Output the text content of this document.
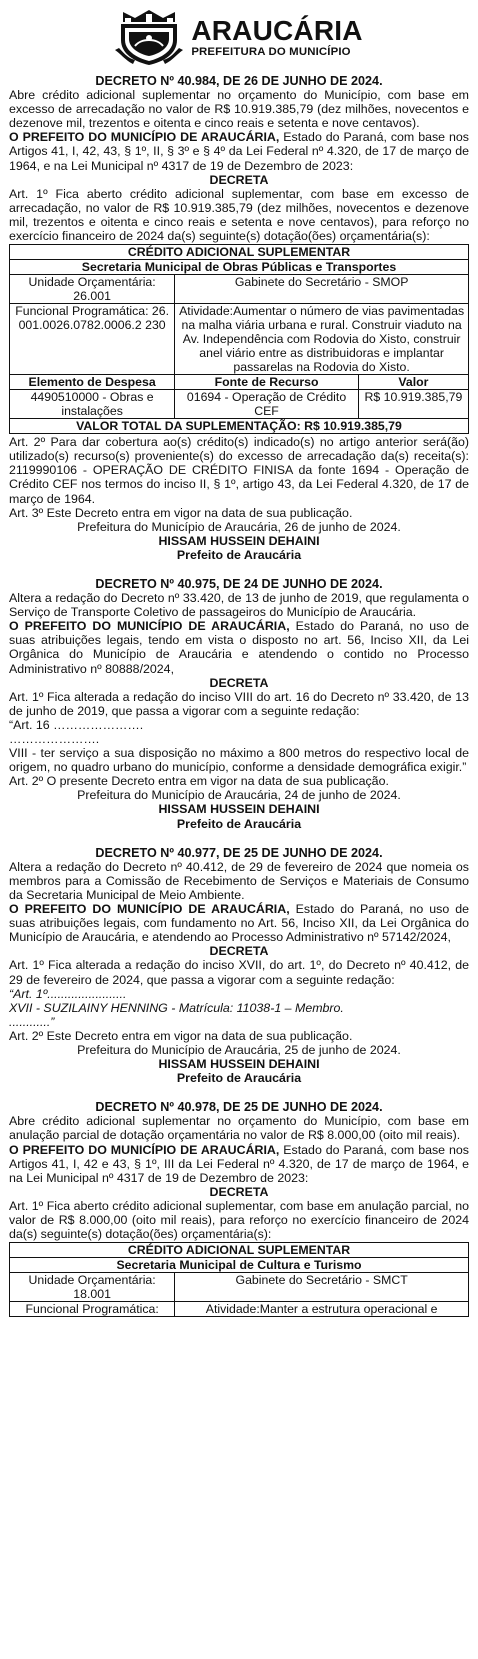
ARAUCÁRIA
PREFEITURA DO MUNICÍPIO
DECRETO Nº 40.984, DE 26 DE JUNHO DE 2024.

Abre crédito adicional suplementar no orçamento do Município, com base em excesso de arrecadação no valor de R$ 10.919.385,79 (dez milhões, novecentos e dezenove mil, trezentos e oitenta e cinco reais e setenta e nove centavos).

O PREFEITO DO MUNICÍPIO DE ARAUCÁRIA, Estado do Paraná, com base nos Artigos 41, I, 42, 43, § 1º, II, § 3º e § 4º da Lei Federal nº 4.320, de 17 de março de 1964, e na Lei Municipal nº 4317 de 19 de Dezembro de 2023:

DECRETA

Art. 1º Fica aberto crédito adicional suplementar, com base em excesso de arrecadação, no valor de R$ 10.919.385,79 (dez milhões, novecentos e dezenove mil, trezentos e oitenta e cinco reais e setenta e nove centavos), para reforço no exercício financeiro de 2024 da(s) seguinte(s) dotação(ões) orçamentária(s):

CRÉDITO ADICIONAL SUPLEMENTAR		
Secretaria Municipal de Obras Públicas e Transportes		
Unidade Orçamentária: 26.001	Gabinete do Secretário - SMOP	
Funcional Programática: 26.001.0026.0782.0006.2 230	Atividade:Aumentar o número de vias pavimentadas na malha viária urbana e rural. Construir viaduto na Av. Independência com Rodovia do Xisto, construir anel viário entre as distribuidoras e implantar passarelas na Rodovia do Xisto.	
Elemento de Despesa	Fonte de Recurso	Valor
4490510000 - Obras e instalações	01694 - Operação de Crédito CEF	R$ 10.919.385,79
VALOR TOTAL DA SUPLEMENTAÇÃO: R$ 10.919.385,79		

Art. 2º Para dar cobertura ao(s) crédito(s) indicado(s) no artigo anterior será(ão) utilizado(s) recurso(s) proveniente(s) do excesso de arrecadação da(s) receita(s): 2119990106 - OPERAÇÃO DE CRÉDITO FINISA da fonte 1694 - Operação de Crédito CEF nos termos do inciso II, § 1º, artigo 43, da Lei Federal 4.320, de 17 de março de 1964.

Art. 3º Este Decreto entra em vigor na data de sua publicação.

Prefeitura do Município de Araucária, 26 de junho de 2024.
HISSAM HUSSEIN DEHAINI
Prefeito de Araucária
DECRETO Nº 40.975, DE 24 DE JUNHO DE 2024.

Altera a redação do Decreto nº 33.420, de 13 de junho de 2019, que regulamenta o Serviço de Transporte Coletivo de passageiros do Município de Araucária.

O PREFEITO DO MUNICÍPIO DE ARAUCÁRIA, Estado do Paraná, no uso de suas atribuições legais, tendo em vista o disposto no art. 56, Inciso XII, da Lei Orgânica do Município de Araucária e atendendo o contido no Processo Administrativo nº 80888/2024,

DECRETA

Art. 1º Fica alterada a redação do inciso VIII do art. 16 do Decreto nº 33.420, de 13 de junho de 2019, que passa a vigorar com a seguinte redação:

“Art. 16 ………………….

………………….

VIII - ter serviço a sua disposição no máximo a 800 metros do respectivo local de origem, no quadro urbano do município, conforme a densidade demográfica exigir.”

Art. 2º O presente Decreto entra em vigor na data de sua publicação.

Prefeitura do Município de Araucária, 24 de junho de 2024.
HISSAM HUSSEIN DEHAINI
Prefeito de Araucária
DECRETO Nº 40.977, DE 25 DE JUNHO DE 2024.

Altera a redação do Decreto nº 40.412, de 29 de fevereiro de 2024 que nomeia os membros para a Comissão de Recebimento de Serviços e Materiais de Consumo da Secretaria Municipal de Meio Ambiente.

O PREFEITO DO MUNICÍPIO DE ARAUCÁRIA, Estado do Paraná, no uso de suas atribuições legais, com fundamento no Art. 56, Inciso XII, da Lei Orgânica do Município de Araucária, e atendendo ao Processo Administrativo nº 57142/2024,

DECRETA

Art. 1º Fica alterada a redação do inciso XVII, do art. 1º, do Decreto nº 40.412, de 29 de fevereiro de 2024, que passa a vigorar com a seguinte redação:

“Art. 1º.......................

XVII - SUZILAINY HENNING - Matrícula: 11038-1 – Membro.

............”

Art. 2º Este Decreto entra em vigor na data de sua publicação.

Prefeitura do Município de Araucária, 25 de junho de 2024.
HISSAM HUSSEIN DEHAINI
Prefeito de Araucária
DECRETO Nº 40.978, DE 25 DE JUNHO DE 2024.

Abre crédito adicional suplementar no orçamento do Município, com base em anulação parcial de dotação orçamentária no valor de R$ 8.000,00 (oito mil reais).

O PREFEITO DO MUNICÍPIO DE ARAUCÁRIA, Estado do Paraná, com base nos Artigos 41, I, 42 e 43, § 1º, III da Lei Federal nº 4.320, de 17 de março de 1964, e na Lei Municipal nº 4317 de 19 de Dezembro de 2023:

DECRETA

Art. 1º Fica aberto crédito adicional suplementar, com base em anulação parcial, no valor de R$ 8.000,00 (oito mil reais), para reforço no exercício financeiro de 2024 da(s) seguinte(s) dotação(ões) orçamentária(s):

CRÉDITO ADICIONAL SUPLEMENTAR	
Secretaria Municipal de Cultura e Turismo	
Unidade Orçamentária: 18.001	Gabinete do Secretário - SMCT
Funcional Programática:	Atividade:Manter a estrutura operacional e
